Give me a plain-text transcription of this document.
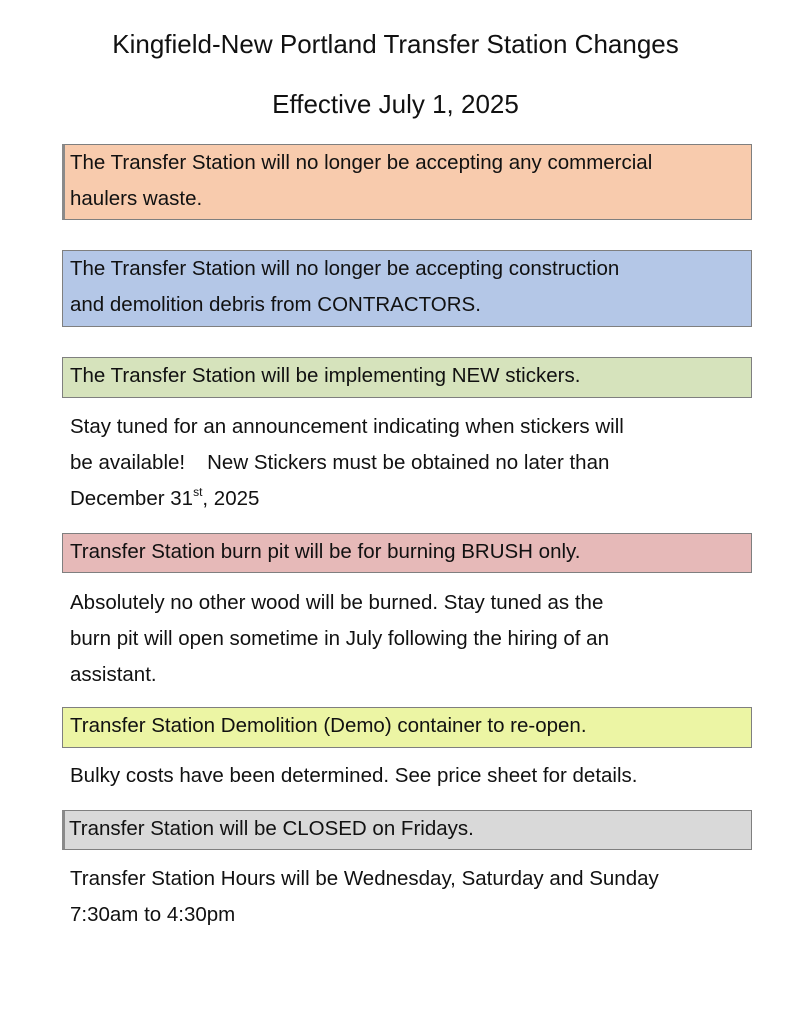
Kingfield-New Portland Transfer Station Changes
Effective July 1, 2025
The Transfer Station will no longer be accepting any commercial
haulers waste.
The Transfer Station will no longer be accepting construction
and demolition debris from CONTRACTORS.
The Transfer Station will be implementing NEW stickers.
Stay tuned for an announcement indicating when stickers will
be available! New Stickers must be obtained no later than
December 31st, 2025
Transfer Station burn pit will be for burning BRUSH only.
Absolutely no other wood will be burned. Stay tuned as the
burn pit will open sometime in July following the hiring of an
assistant.
Transfer Station Demolition (Demo) container to re-open.
Bulky costs have been determined. See price sheet for details.
Transfer Station will be CLOSED on Fridays.
Transfer Station Hours will be Wednesday, Saturday and Sunday
7:30am to 4:30pm
